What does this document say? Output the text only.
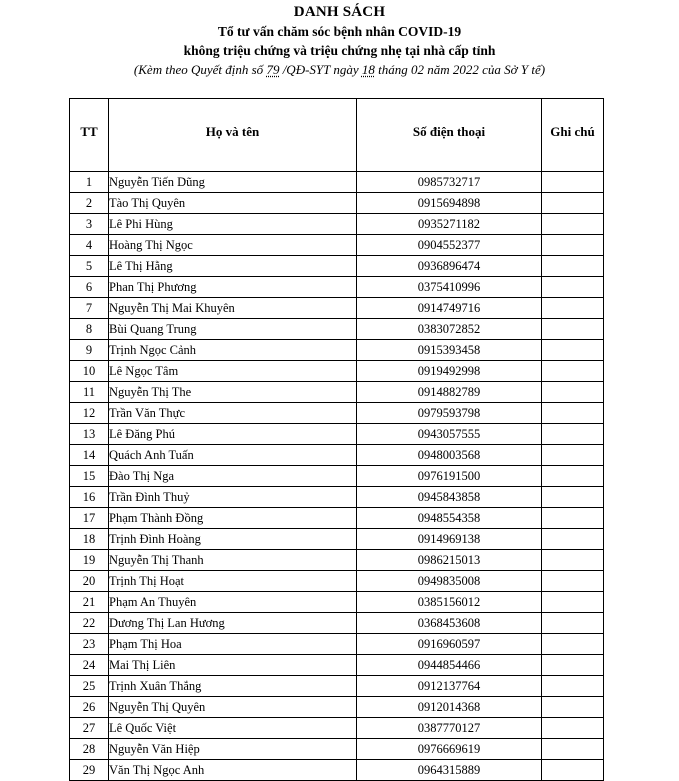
DANH SÁCH
Tổ tư vấn chăm sóc bệnh nhân COVID-19
không triệu chứng và triệu chứng nhẹ tại nhà cấp tỉnh
(Kèm theo Quyết định số 79 /QĐ-SYT ngày 18 tháng 02 năm 2022 của Sở Y tế)
TT	Họ và tên	Số điện thoại	Ghi chú
1	Nguyễn Tiến Dũng	0985732717	
2	Tào Thị Quyên	0915694898	
3	Lê Phi Hùng	0935271182	
4	Hoàng Thị Ngọc	0904552377	
5	Lê Thị Hằng	0936896474	
6	Phan Thị Phương	0375410996	
7	Nguyễn Thị Mai Khuyên	0914749716	
8	Bùi Quang Trung	0383072852	
9	Trịnh Ngọc Cảnh	0915393458	
10	Lê Ngọc Tâm	0919492998	
11	Nguyễn Thị The	0914882789	
12	Trần Văn Thực	0979593798	
13	Lê Đăng Phú	0943057555	
14	Quách Anh Tuấn	0948003568	
15	Đào Thị Nga	0976191500	
16	Trần Đình Thuỷ	0945843858	
17	Phạm Thành Đồng	0948554358	
18	Trịnh Đình Hoàng	0914969138	
19	Nguyễn Thị Thanh	0986215013	
20	Trịnh Thị Hoạt	0949835008	
21	Phạm An Thuyên	0385156012	
22	Dương Thị Lan Hương	0368453608	
23	Phạm Thị Hoa	0916960597	
24	Mai Thị Liên	0944854466	
25	Trịnh Xuân Thắng	0912137764	
26	Nguyễn Thị Quyên	0912014368	
27	Lê Quốc Việt	0387770127	
28	Nguyễn Văn Hiệp	0976669619	
29	Văn Thị Ngọc Anh	0964315889	
